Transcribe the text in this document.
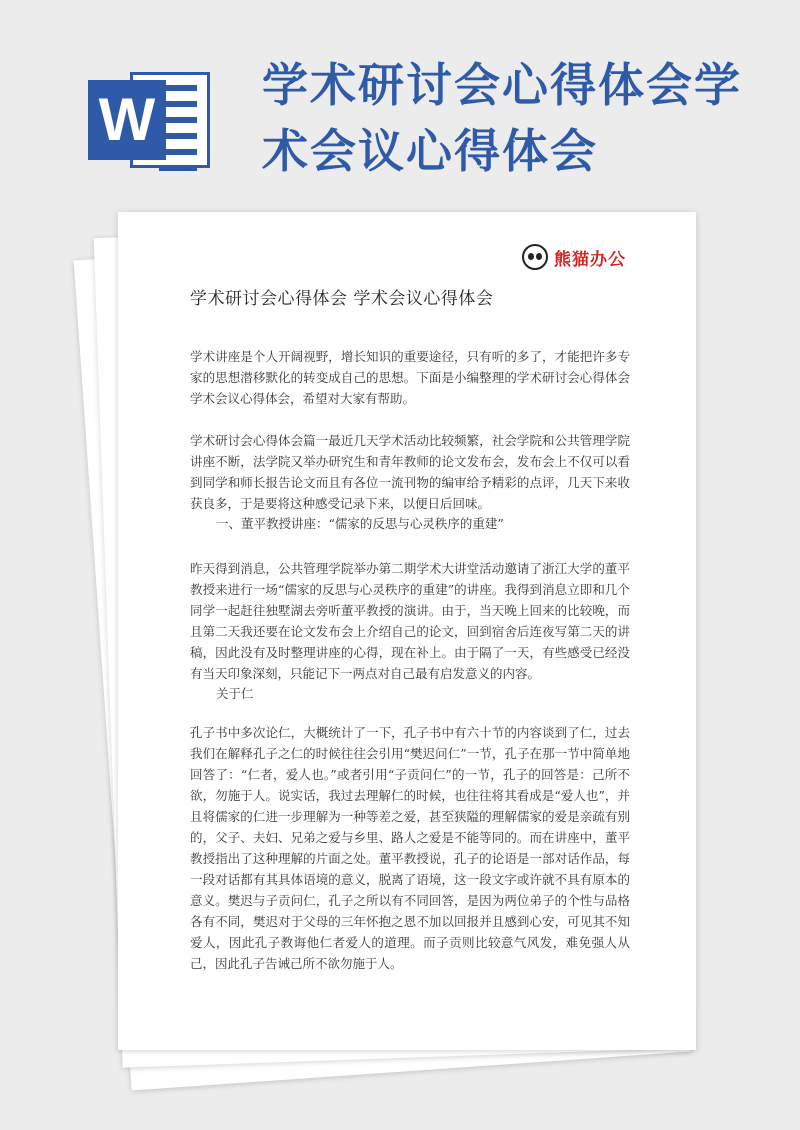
W
学术研讨会心得体会学术会议心得体会
熊猫办公
学术研讨会心得体会 学术会议心得体会
学术讲座是个人开阔视野，增长知识的重要途径，只有听的多了，才能把许多专家的思想潜移默化的转变成自己的思想。下面是小编整理的学术研讨会心得体会 学术会议心得体会，希望对大家有帮助。
学术研讨会心得体会篇一最近几天学术活动比较频繁，社会学院和公共管理学院讲座不断，法学院又举办研究生和青年教师的论文发布会，发布会上不仅可以看到同学和师长报告论文而且有各位一流刊物的编审给予精彩的点评，几天下来收获良多，于是要将这种感受记录下来，以便日后回味。
一、董平教授讲座：“儒家的反思与心灵秩序的重建”
昨天得到消息，公共管理学院举办第二期学术大讲堂活动邀请了浙江大学的董平教授来进行一场“儒家的反思与心灵秩序的重建”的讲座。我得到消息立即和几个同学一起赶往独墅湖去旁听董平教授的演讲。由于，当天晚上回来的比较晚，而且第二天我还要在论文发布会上介绍自己的论文，回到宿舍后连夜写第二天的讲稿，因此没有及时整理讲座的心得，现在补上。由于隔了一天，有些感受已经没有当天印象深刻，只能记下一两点对自己最有启发意义的内容。
关于仁
孔子书中多次论仁，大概统计了一下，孔子书中有六十节的内容谈到了仁，过去我们在解释孔子之仁的时候往往会引用“樊迟问仁”一节，孔子在那一节中简单地回答了：“仁者，爱人也。”或者引用“子贡问仁”的一节，孔子的回答是：己所不欲，勿施于人。说实话，我过去理解仁的时候，也往往将其看成是“爱人也”，并且将儒家的仁进一步理解为一种等差之爱，甚至狭隘的理解儒家的爱是亲疏有别的，父子、夫妇、兄弟之爱与乡里、路人之爱是不能等同的。而在讲座中，董平教授指出了这种理解的片面之处。董平教授说，孔子的论语是一部对话作品，每一段对话都有其具体语境的意义，脱离了语境，这一段文字或许就不具有原本的意义。樊迟与子贡问仁，孔子之所以有不同回答，是因为两位弟子的个性与品格各有不同，樊迟对于父母的三年怀抱之恩不加以回报并且感到心安，可见其不知爱人，因此孔子教诲他仁者爱人的道理。而子贡则比较意气风发，难免强人从己，因此孔子告诫己所不欲勿施于人。
